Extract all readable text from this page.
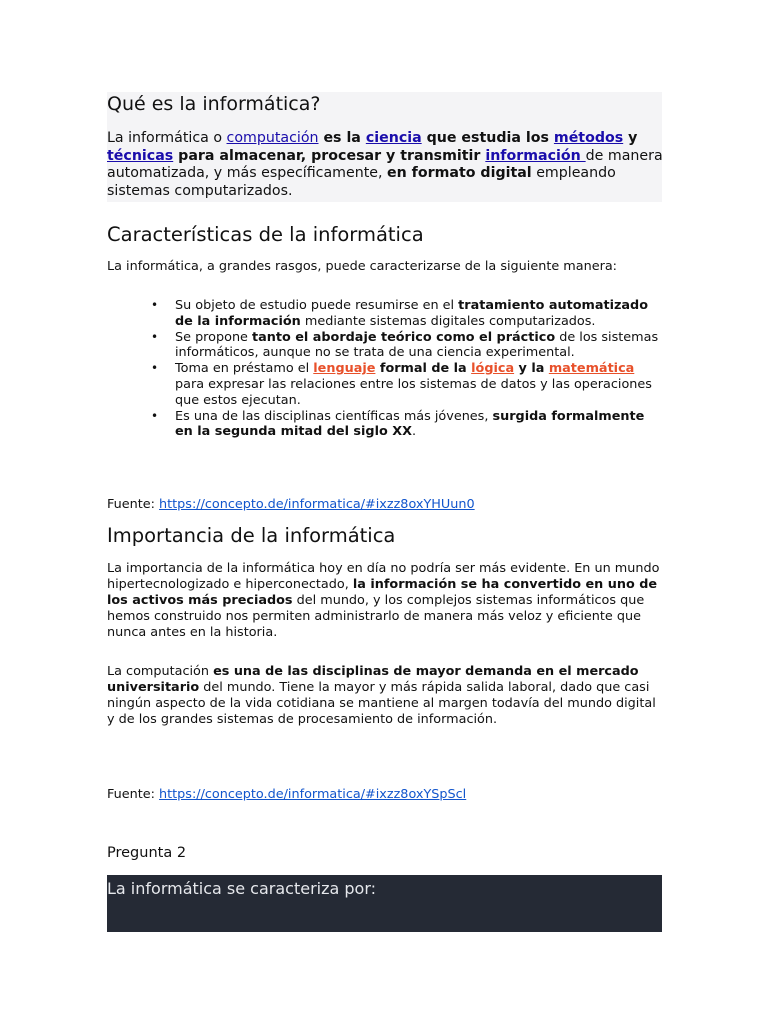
Qué es la informática?

La informática o computación es la ciencia que estudia los métodos y técnicas para almacenar, procesar y transmitir información de manera automatizada, y más específicamente, en formato digital empleando sistemas computarizados.

Características de la informática

La informática, a grandes rasgos, puede caracterizarse de la siguiente manera:

• Su objeto de estudio puede resumirse en el tratamiento automatizado de la información mediante sistemas digitales computarizados.
• Se propone tanto el abordaje teórico como el práctico de los sistemas informáticos, aunque no se trata de una ciencia experimental.
• Toma en préstamo el lenguaje formal de la lógica y la matemática para expresar las relaciones entre los sistemas de datos y las operaciones que estos ejecutan.
• Es una de las disciplinas científicas más jóvenes, surgida formalmente en la segunda mitad del siglo XX.
Fuente: https://concepto.de/informatica/#ixzz8oxYHUun0
Importancia de la informática

La importancia de la informática hoy en día no podría ser más evidente. En un mundo hipertecnologizado e hiperconectado, la información se ha convertido en uno de los activos más preciados del mundo, y los complejos sistemas informáticos que hemos construido nos permiten administrarlo de manera más veloz y eficiente que nunca antes en la historia.

La computación es una de las disciplinas de mayor demanda en el mercado universitario del mundo. Tiene la mayor y más rápida salida laboral, dado que casi ningún aspecto de la vida cotidiana se mantiene al margen todavía del mundo digital y de los grandes sistemas de procesamiento de información.

Fuente: https://concepto.de/informatica/#ixzz8oxYSpScl
Pregunta 2
La informática se caracteriza por:
